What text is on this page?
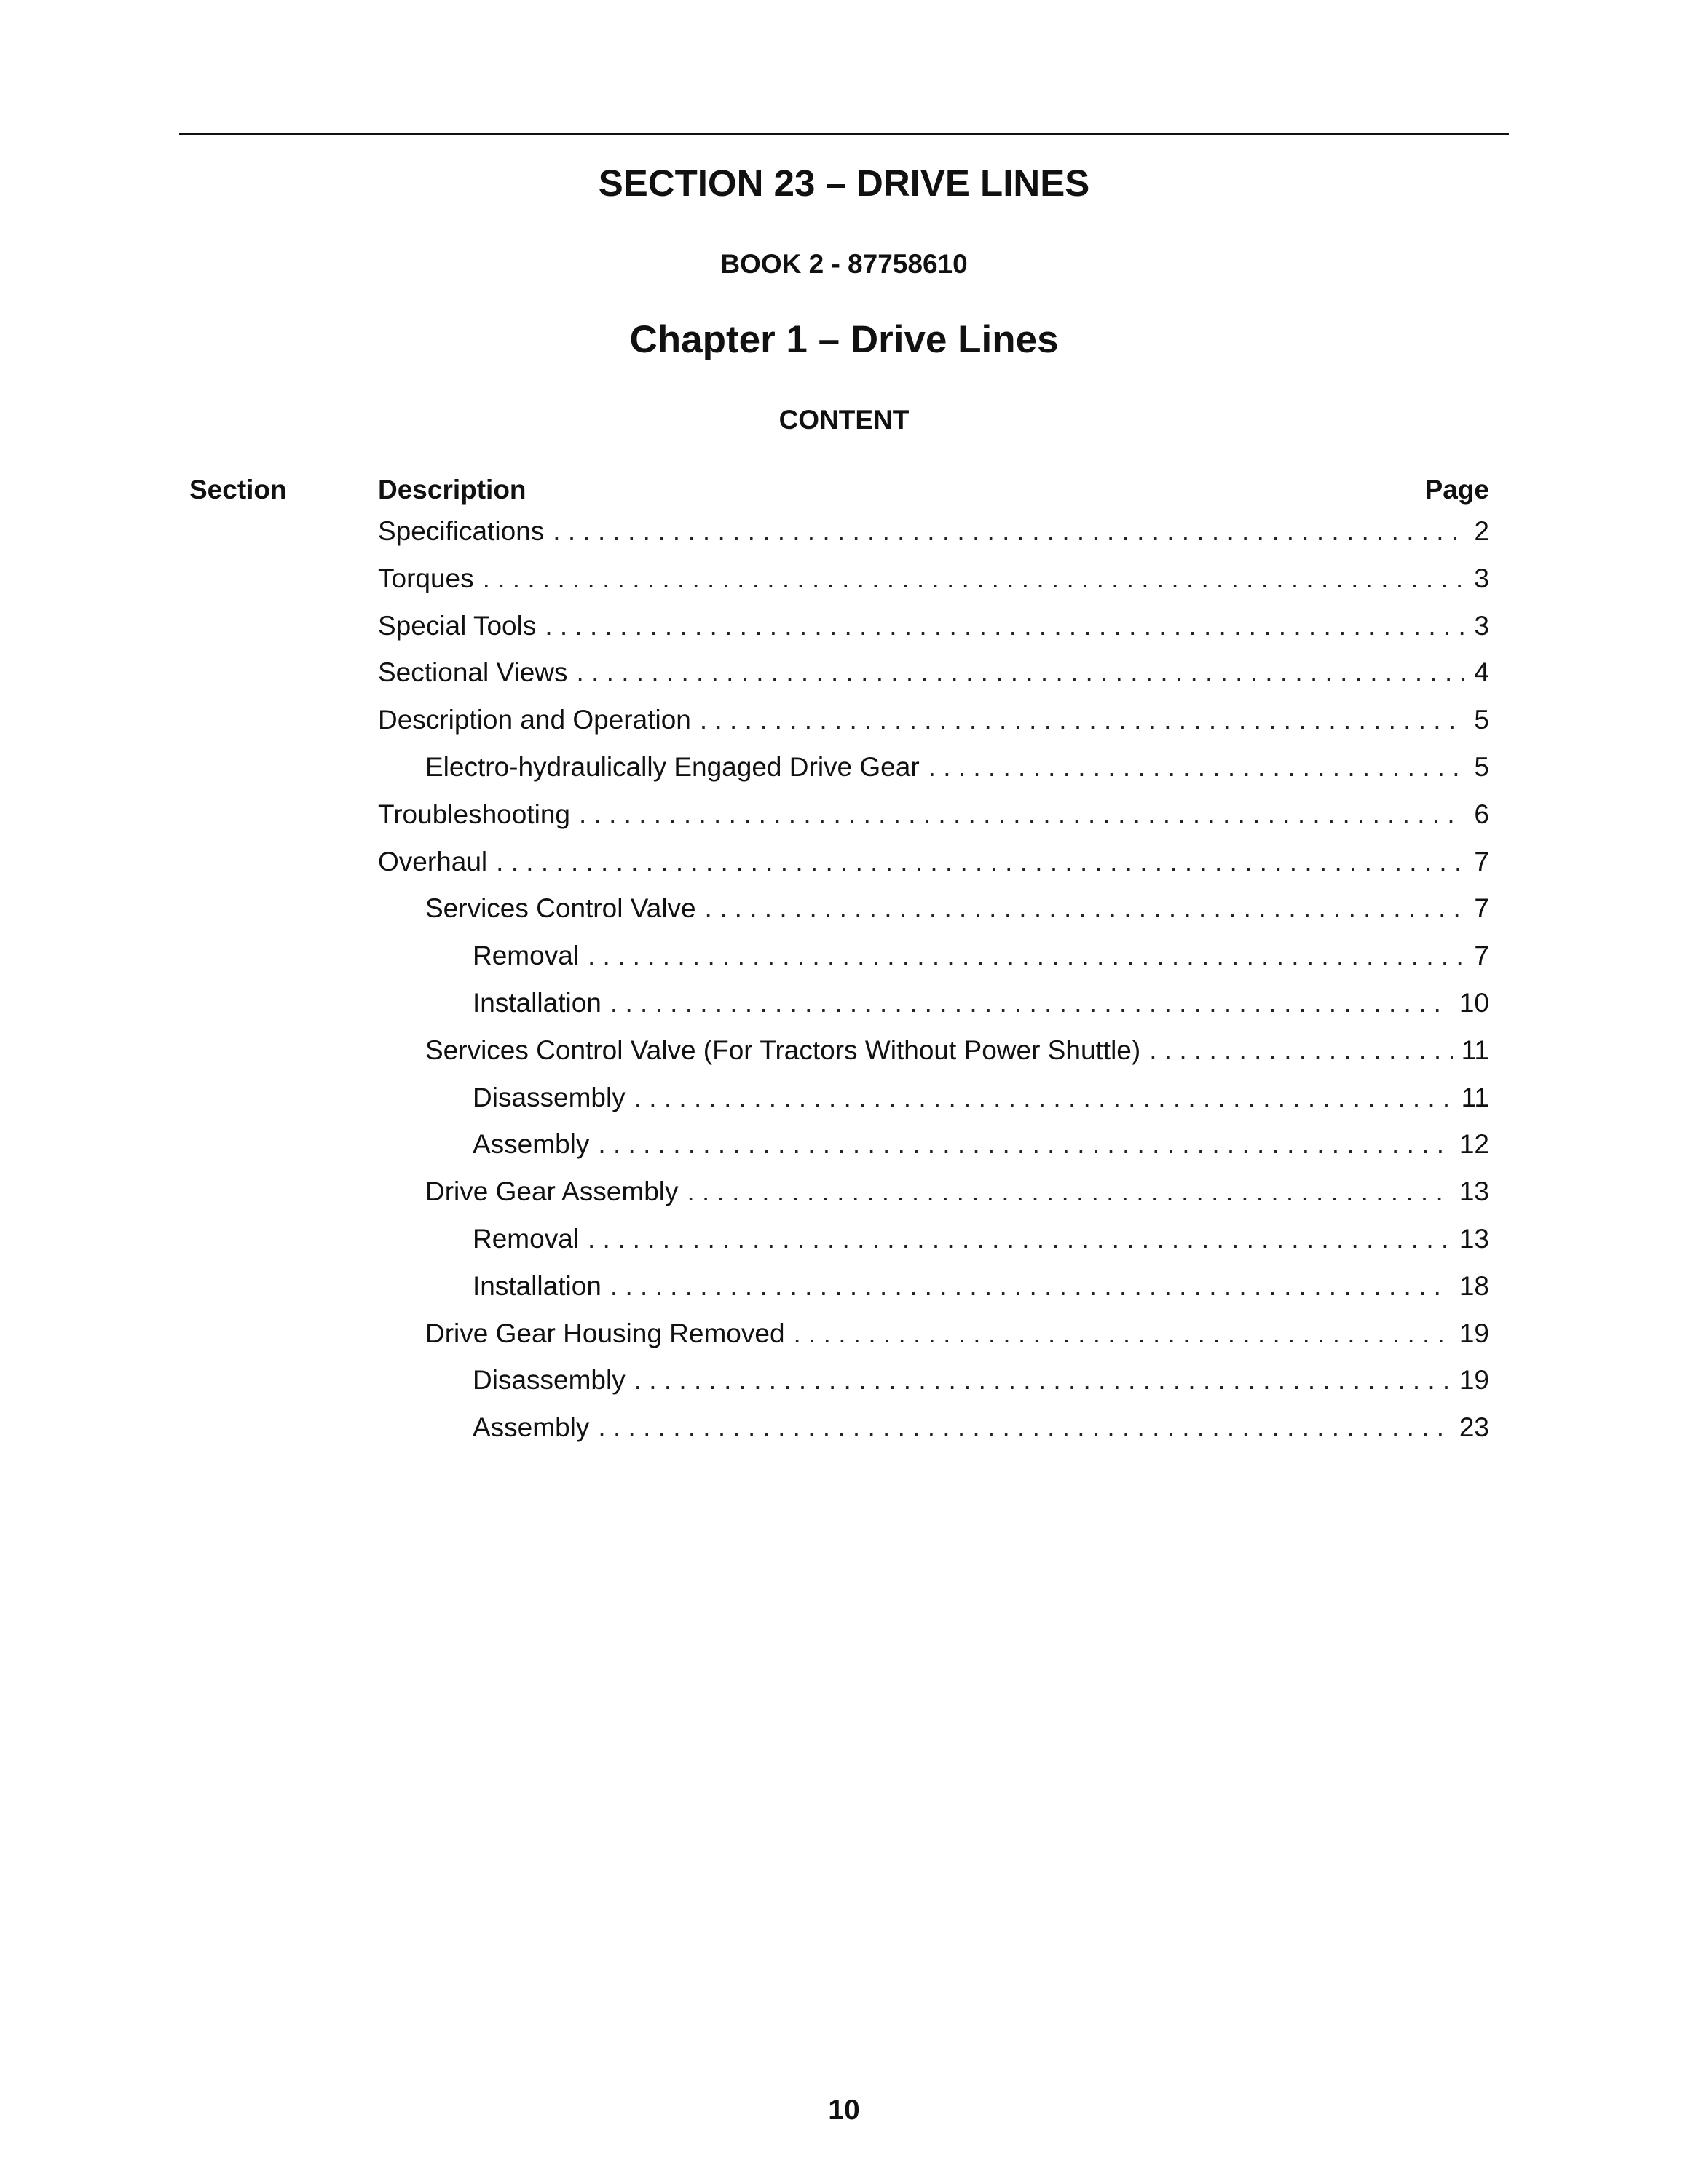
SECTION 23 – DRIVE LINES
BOOK 2 - 87758610
Chapter 1 – Drive Lines
CONTENT
Section	Description	Page
Specifications . . .	2
Torques . . .	3
Special Tools . . .	3
Sectional Views . . .	4
Description and Operation . . .	5
Electro-hydraulically Engaged Drive Gear . . .	5
Troubleshooting . . .	6
Overhaul . . .	7
Services Control Valve . . .	7
Removal . . .	7
Installation . . .	10
Services Control Valve (For Tractors Without Power Shuttle) . . .	11
Disassembly . . .	11
Assembly . . .	12
Drive Gear Assembly . . .	13
Removal . . .	13
Installation . . .	18
Drive Gear Housing Removed . . .	19
Disassembly . . .	19
Assembly . . .	23
10
